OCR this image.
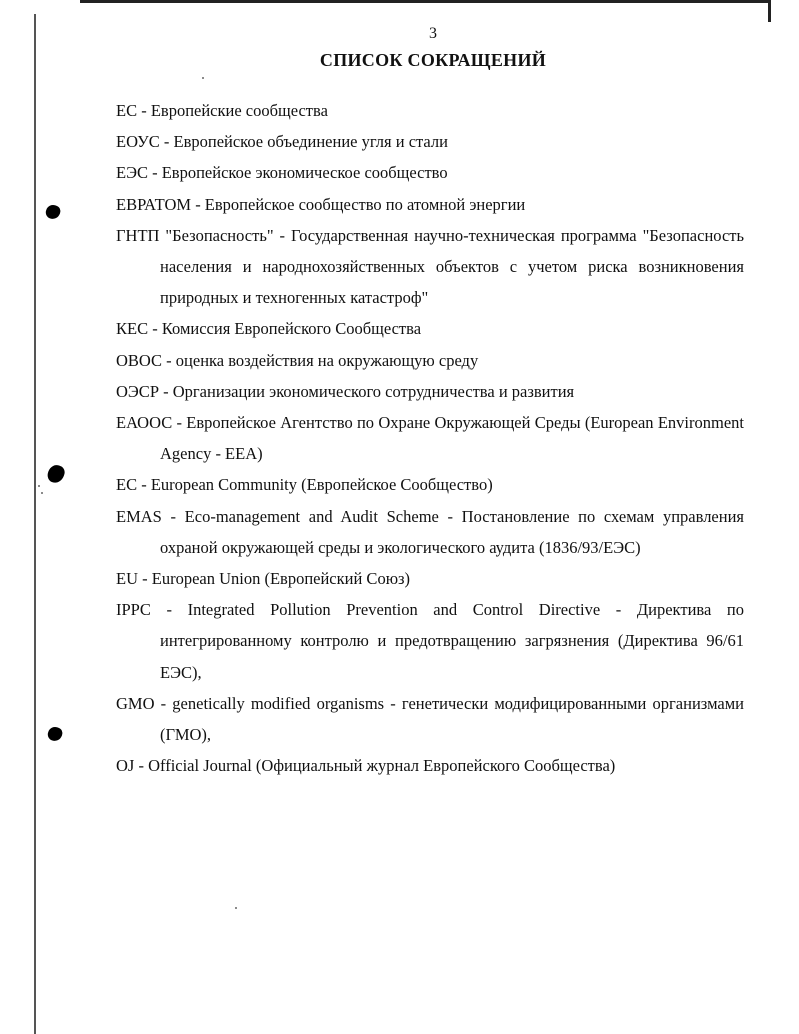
3
СПИСОК СОКРАЩЕНИЙ
ЕС - Европейские сообщества
ЕОУС - Европейское объединение угля и стали
ЕЭС - Европейское экономическое сообщество
ЕВРАТОМ - Европейское сообщество по атомной энергии
ГНТП "Безопасность" - Государственная научно-техническая программа "Безопасность населения и народнохозяйственных объектов с учетом риска возникновения природных и техногенных катастроф"
КЕС - Комиссия Европейского Сообщества
ОВОС - оценка воздействия на окружающую среду
ОЭСР - Организации экономического сотрудничества и развития
ЕАООС - Европейское Агентство по Охране Окружающей Среды (European Environment Agency - EEA)
EC - European Community (Европейское Сообщество)
EMAS - Eco-management and Audit Scheme - Постановление по схемам управления охраной окружающей среды и экологического аудита (1836/93/ЕЭС)
EU - European Union (Европейский Союз)
IPPC - Integrated Pollution Prevention and Control Directive - Директива по интегрированному контролю и предотвращению загрязнения (Директива 96/61 ЕЭС),
GMO - genetically modified organisms - генетически модифицированными организмами (ГМО),
OJ - Official Journal (Официальный журнал Европейского Сообщества)
